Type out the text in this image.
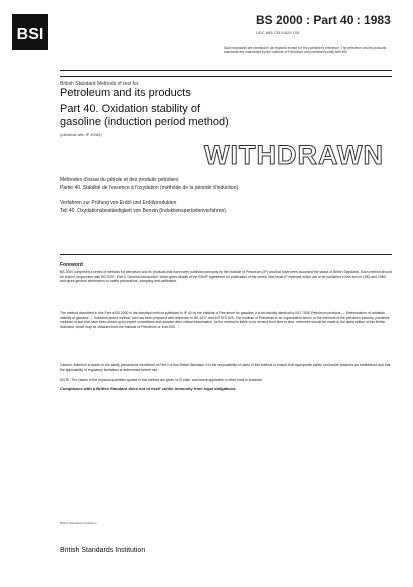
BSI
BS 2000 : Part 40 : 1983
UDC 665.733.5:620.193
Such standards are identical in all respects except for the publisher's reference. The petroleum and its products standards are maintained by the Institute of Petroleum and published jointly with BSI.
British Standard Methods of test for
Petroleum and its products
Part 40. Oxidation stability of gasoline (induction period method)
(Identical with IP 40/83)
WITHDRAWN
Méthodes d'essai du pétrole et des produits pétroliers
Partie 40. Stabilité de l'essence à l'oxydation (méthode de la période d'induction)
Verfahren zur Prüfung von Erdöl und Erdölprodukten
Teil 40. Oxydationsbeständigkeit von Benzin (Induktionsperiodenverfahren)
Foreword
BS 2000 comprises a series of methods for petroleum and its products that have been published primarily by the Institute of Petroleum (IP) and that have been accorded the status of British Standards. Each method should be read in conjunction with BS 2000 : Part 0 'General introduction' which gives details of the BSI/IP agreement for publication of the series, lists those IP methods which are to be published in this form in 1982 and 1983, and gives general information on safety precautions, sampling and calibration.
The method described in this Part of BS 2000 is the standard method published in IP 40 by the Institute of Petroleum for gasoline; it is technically identical to ISO 7536 'Petroleum products — Determination of oxidation stability of gasoline — Induction period method' and has been prepared with reference to BS 4247 and ASTM D 525. The Institute of Petroleum is an organization which, in the interests of the petroleum industry, publishes methods of test that have been drawn up by expert committees and adopted after critical examination. As the method is liable to be revised from time to time, reference should be made to the latest edition of this British Standard, which may be obtained from the Institute of Petroleum or from BSI.
Caution. Attention is drawn to the safety precautions mentioned in Part 0 of this British Standard. It is the responsibility of users of this method to ensure that appropriate safety and health practices are established and that the applicability of regulatory limitations is determined before use.
NOTE. The values of the physical quantities quoted in this method are given in SI units, and where applicable in other units in brackets.
Compliance with a British Standard does not of itself confer immunity from legal obligations.
British Standards Institution
British Standards Institution
